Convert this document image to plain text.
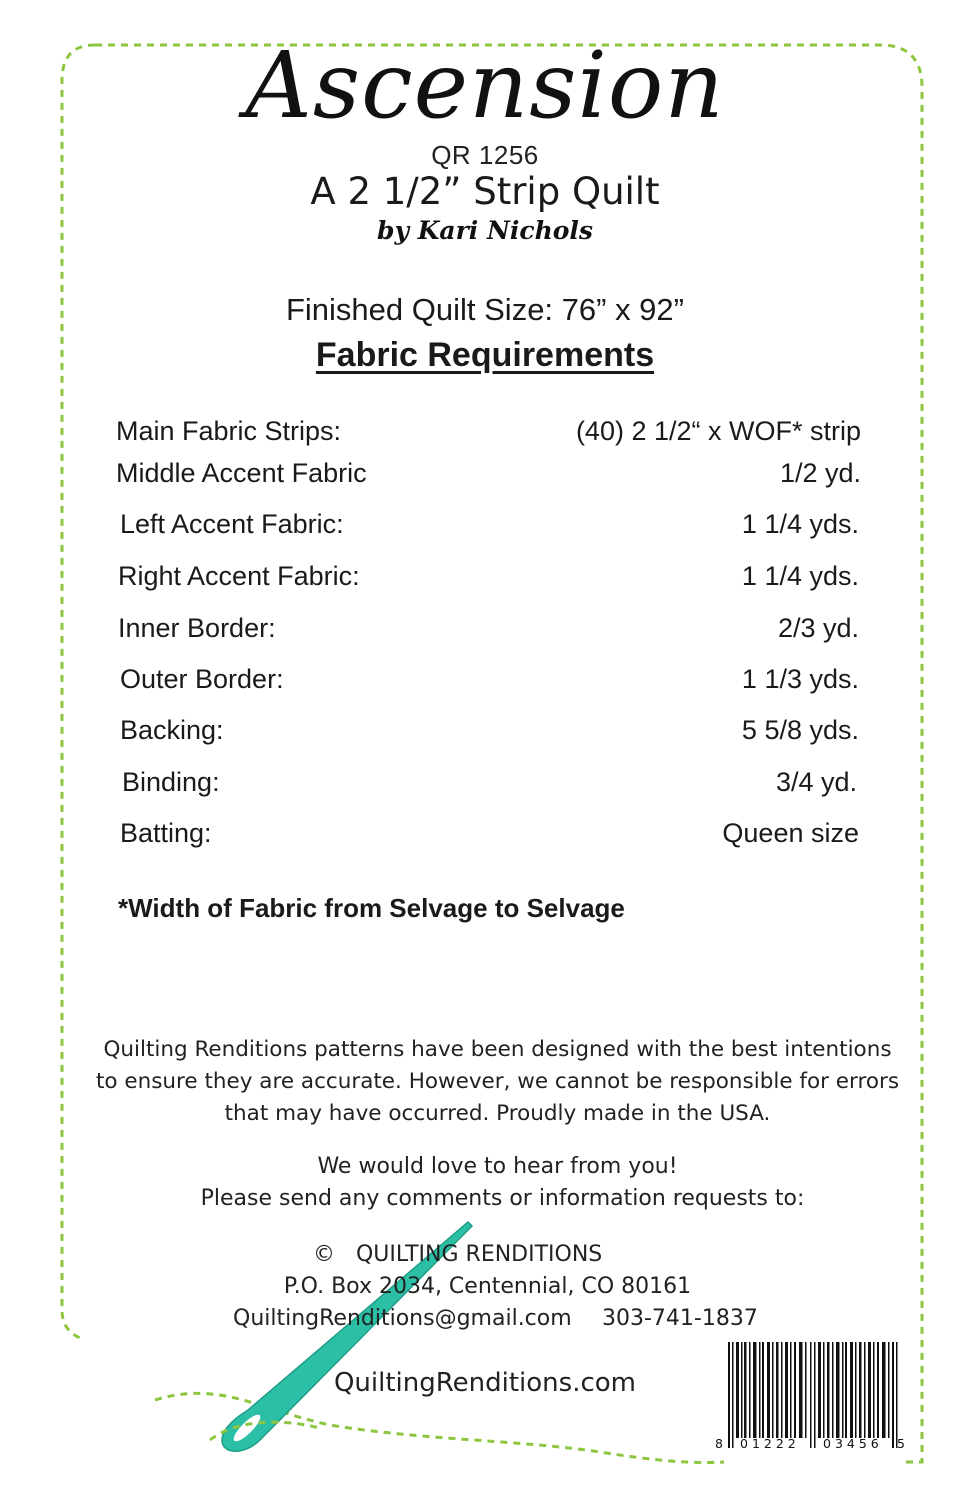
Ascension
QR 1256
A 2 1/2” Strip Quilt
by Kari Nichols
Finished Quilt Size: 76” x 92”
Fabric Requirements
Main Fabric Strips:	(40) 2 1/2“ x WOF* strip
Middle Accent Fabric	1/2 yd.
Left Accent Fabric:	1 1/4 yds.
Right Accent Fabric:	1 1/4 yds.
Inner Border:	2/3 yd.
Outer Border:	1 1/3 yds.
Backing:	5 5/8 yds.
Binding:	3/4 yd.
Batting:	Queen size
*Width of Fabric from Selvage to Selvage
Quilting Renditions patterns have been designed with the best intentions
to ensure they are accurate. However, we cannot be responsible for errors
that may have occurred. Proudly made in the USA.
We would love to hear from you!
Please send any comments or information requests to:
©   QUILTING RENDITIONS
P.O. Box 2034, Centennial, CO 80161
QuiltingRenditions@gmail.com 303-741-1837
QuiltingRenditions.com
8 01222 03456 5
